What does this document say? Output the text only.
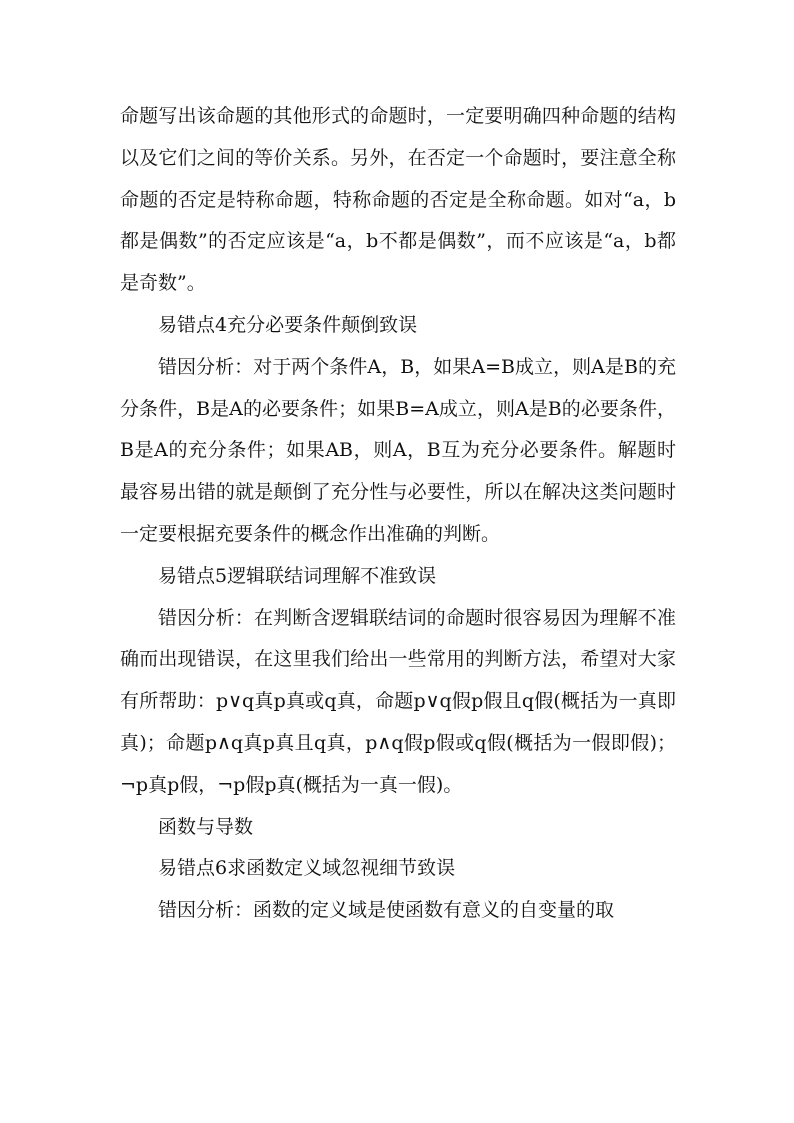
命题写出该命题的其他形式的命题时，一定要明确四种命题的结构以及它们之间的等价关系。另外，在否定一个命题时，要注意全称命题的否定是特称命题，特称命题的否定是全称命题。如对“a，b都是偶数”的否定应该是“a，b不都是偶数”，而不应该是“a，b都是奇数”。

易错点4充分必要条件颠倒致误

错因分析：对于两个条件A，B，如果A=B成立，则A是B的充分条件，B是A的必要条件；如果B=A成立，则A是B的必要条件，B是A的充分条件；如果AB，则A，B互为充分必要条件。解题时最容易出错的就是颠倒了充分性与必要性，所以在解决这类问题时一定要根据充要条件的概念作出准确的判断。

易错点5逻辑联结词理解不准致误

错因分析：在判断含逻辑联结词的命题时很容易因为理解不准确而出现错误，在这里我们给出一些常用的判断方法，希望对大家有所帮助：p∨q真p真或q真，命题p∨q假p假且q假(概括为一真即真)；命题p∧q真p真且q真，p∧q假p假或q假(概括为一假即假)；¬p真p假，¬p假p真(概括为一真一假)。

函数与导数

易错点6求函数定义域忽视细节致误

错因分析：函数的定义域是使函数有意义的自变量的取
